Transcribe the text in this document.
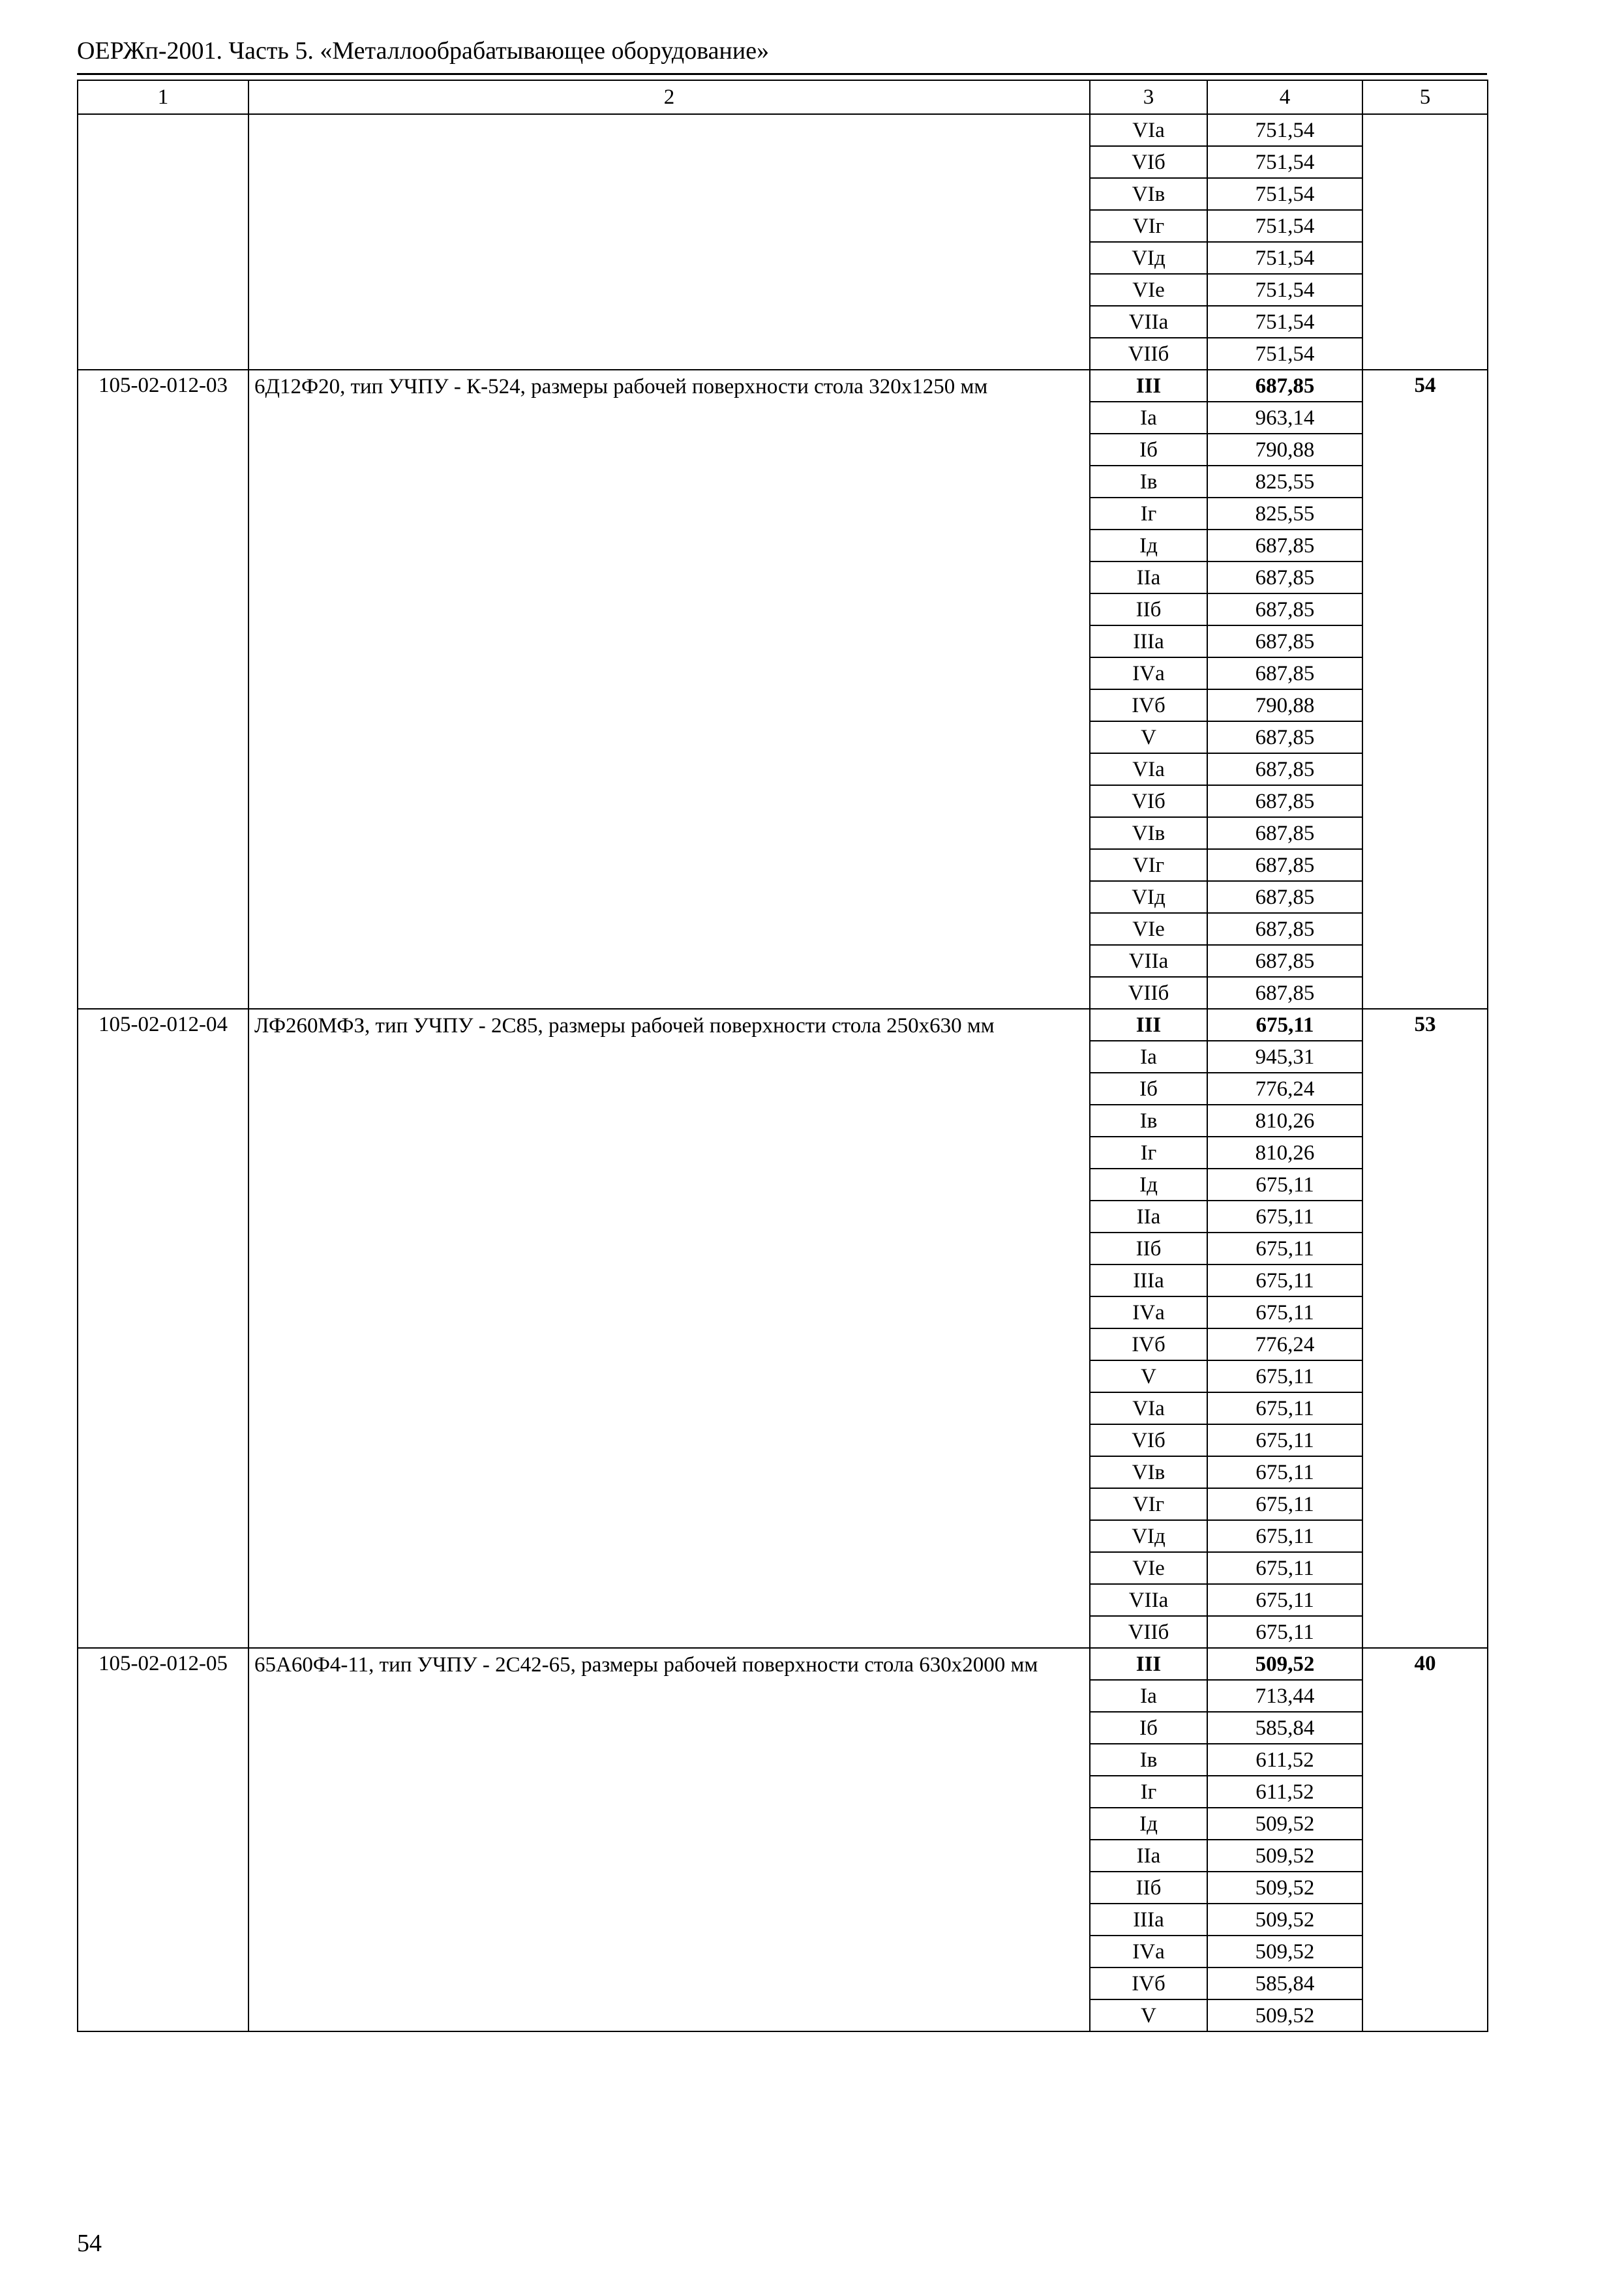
ОЕРЖп-2001. Часть 5. «Металлообрабатывающее оборудование»
1	2	3	4	5
		VIа	751,54	
		VIб	751,54	
		VIв	751,54	
		VIг	751,54	
		VIд	751,54	
		VIе	751,54	
		VIIа	751,54	
		VIIб	751,54	
105-02-012-03	6Д12Ф20, тип УЧПУ - К-524, размеры рабочей поверхности стола 320x1250 мм	III	687,85	54
		Iа	963,14	
		Iб	790,88	
		Iв	825,55	
		Iг	825,55	
		Iд	687,85	
		IIа	687,85	
		IIб	687,85	
		IIIа	687,85	
		IVа	687,85	
		IVб	790,88	
		V	687,85	
		VIа	687,85	
		VIб	687,85	
		VIв	687,85	
		VIг	687,85	
		VIд	687,85	
		VIе	687,85	
		VIIа	687,85	
		VIIб	687,85	
105-02-012-04	ЛФ260МФЗ, тип УЧПУ - 2С85, размеры рабочей поверхности стола 250x630 мм	III	675,11	53
		Iа	945,31	
		Iб	776,24	
		Iв	810,26	
		Iг	810,26	
		Iд	675,11	
		IIа	675,11	
		IIб	675,11	
		IIIа	675,11	
		IVа	675,11	
		IVб	776,24	
		V	675,11	
		VIа	675,11	
		VIб	675,11	
		VIв	675,11	
		VIг	675,11	
		VIд	675,11	
		VIе	675,11	
		VIIа	675,11	
		VIIб	675,11	
105-02-012-05	65А60Ф4-11, тип УЧПУ - 2С42-65, размеры рабочей поверхности стола 630x2000 мм	III	509,52	40
		Iа	713,44	
		Iб	585,84	
		Iв	611,52	
		Iг	611,52	
		Iд	509,52	
		IIа	509,52	
		IIб	509,52	
		IIIа	509,52	
		IVа	509,52	
		IVб	585,84	
		V	509,52	
54
